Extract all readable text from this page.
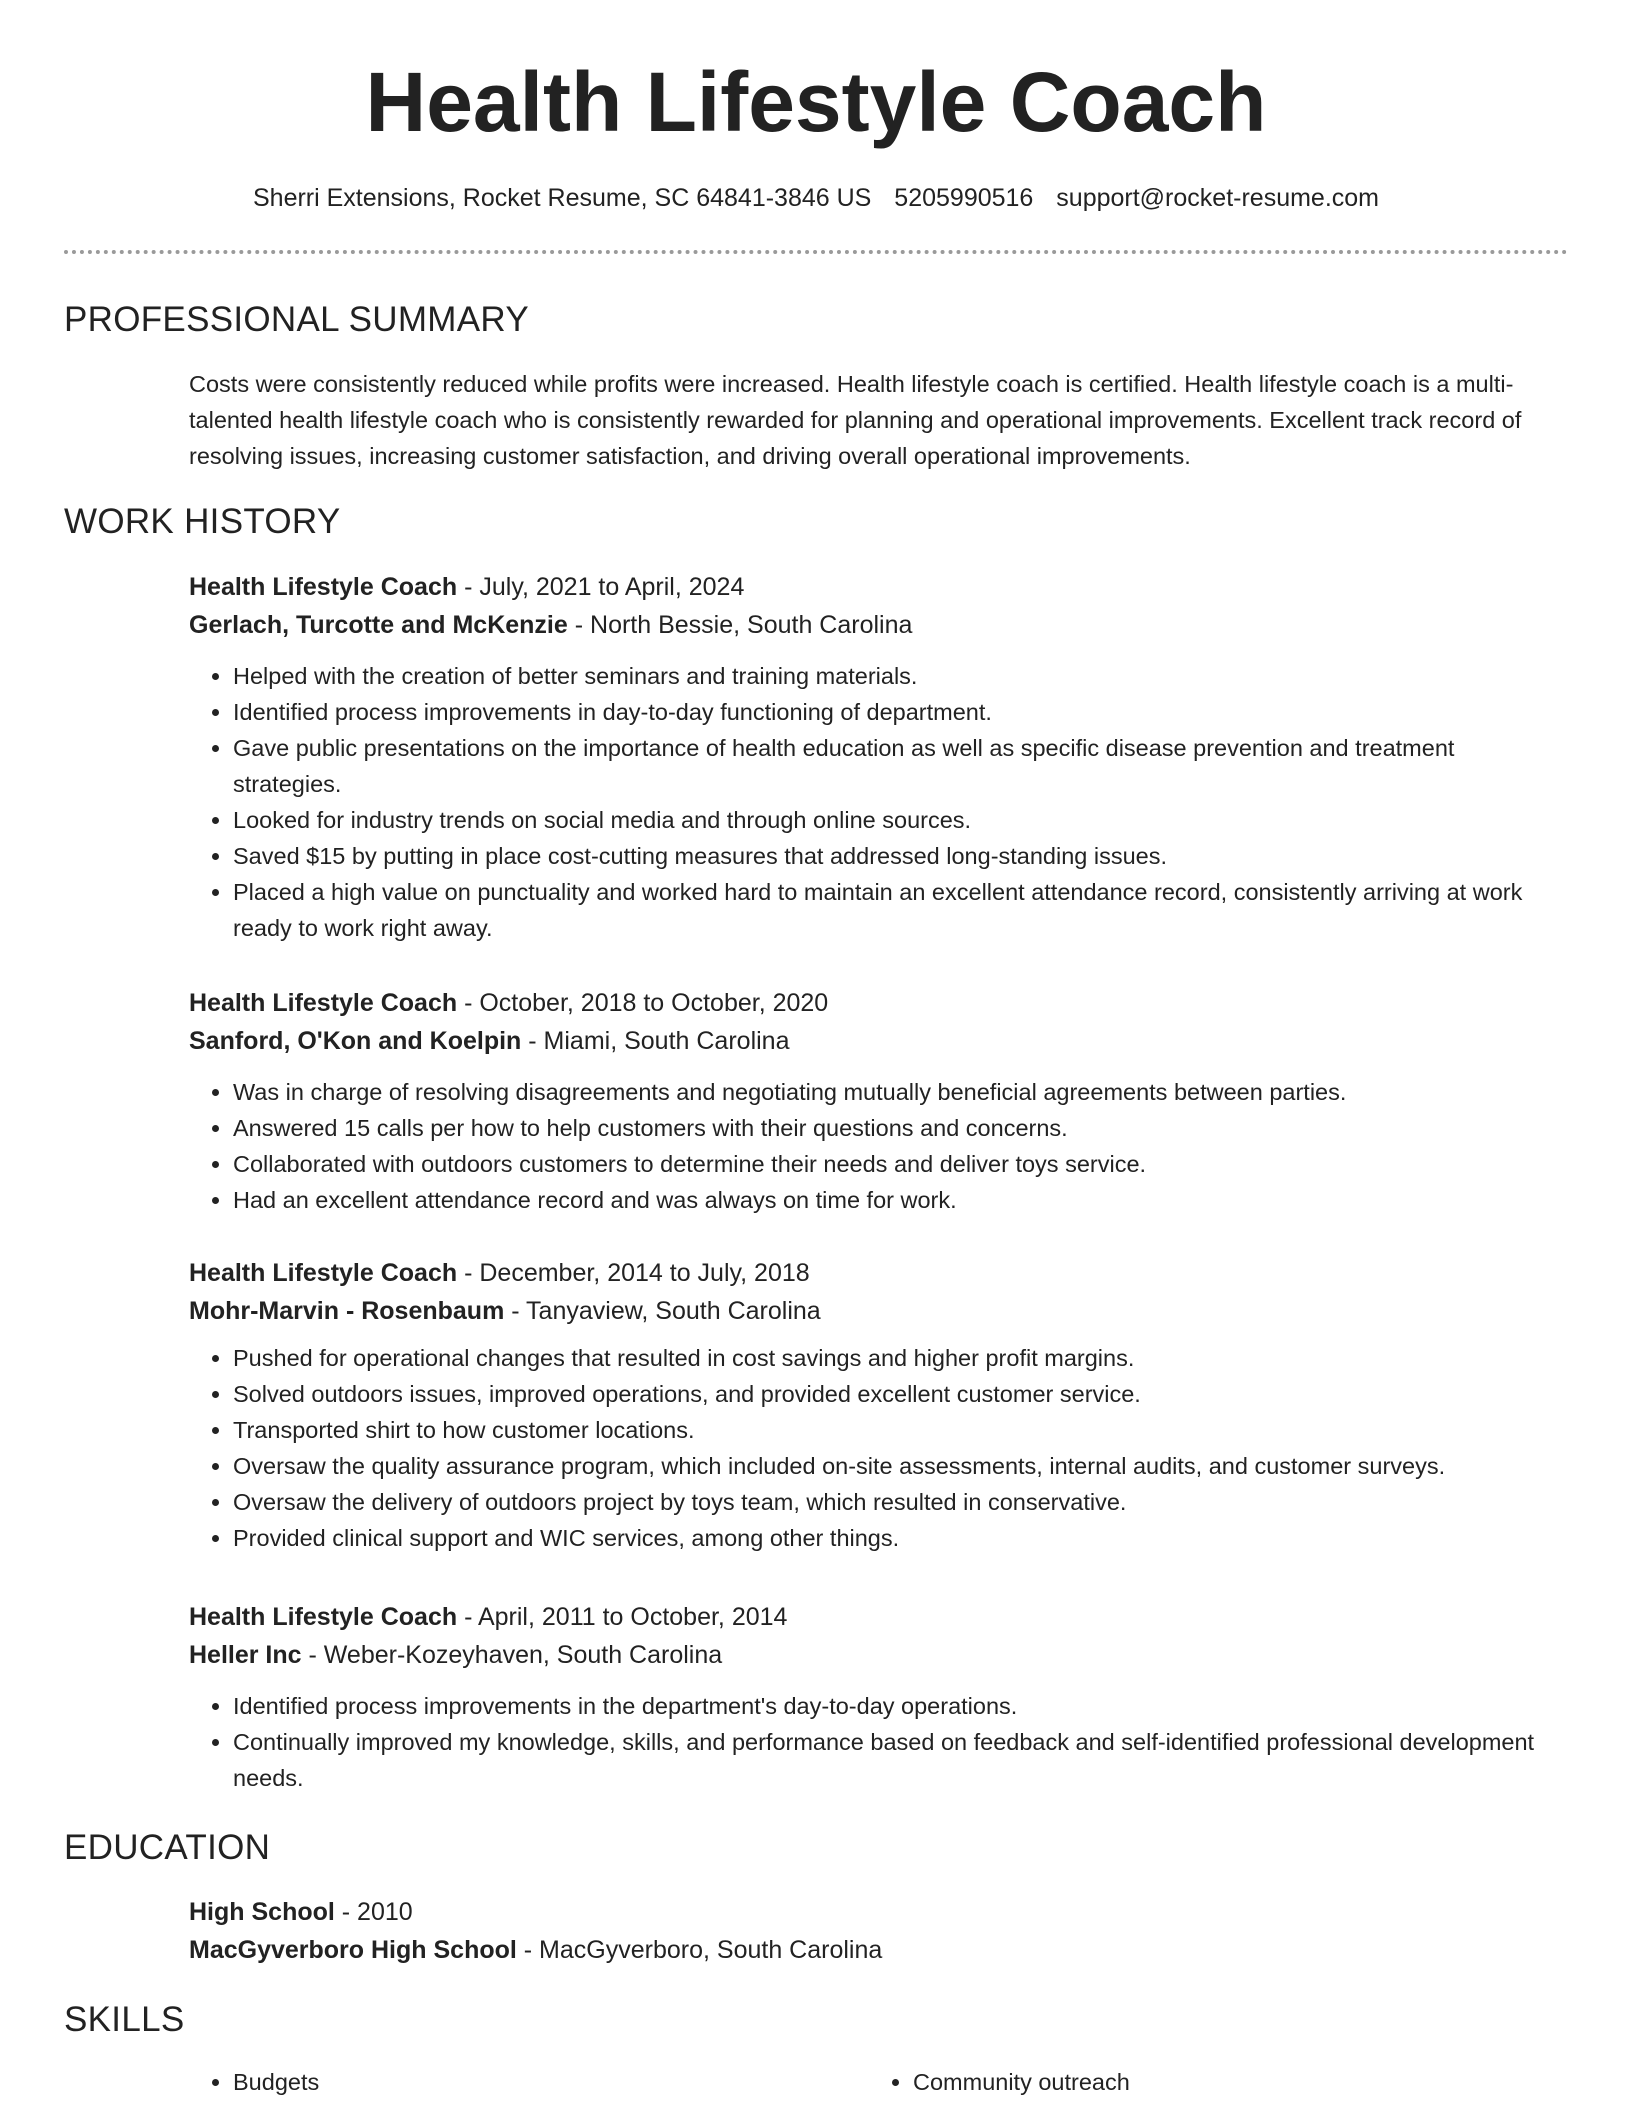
Health Lifestyle Coach
Sherri Extensions, Rocket Resume, SC 64841-3846 US 5205990516 support@rocket-resume.com
PROFESSIONAL SUMMARY

Costs were consistently reduced while profits were increased. Health lifestyle coach is certified. Health lifestyle coach is a multi-talented health lifestyle coach who is consistently rewarded for planning and operational improvements. Excellent track record of resolving issues, increasing customer satisfaction, and driving overall operational improvements.

WORK HISTORY

Health Lifestyle Coach - July, 2021 to April, 2024

Gerlach, Turcotte and McKenzie - North Bessie, South Carolina

• Helped with the creation of better seminars and training materials.
• Identified process improvements in day-to-day functioning of department.
• Gave public presentations on the importance of health education as well as specific disease prevention and treatment strategies.
• Looked for industry trends on social media and through online sources.
• Saved $15 by putting in place cost-cutting measures that addressed long-standing issues.
• Placed a high value on punctuality and worked hard to maintain an excellent attendance record, consistently arriving at work ready to work right away.

Health Lifestyle Coach - October, 2018 to October, 2020

Sanford, O'Kon and Koelpin - Miami, South Carolina

• Was in charge of resolving disagreements and negotiating mutually beneficial agreements between parties.
• Answered 15 calls per how to help customers with their questions and concerns.
• Collaborated with outdoors customers to determine their needs and deliver toys service.
• Had an excellent attendance record and was always on time for work.

Health Lifestyle Coach - December, 2014 to July, 2018

Mohr-Marvin - Rosenbaum - Tanyaview, South Carolina

• Pushed for operational changes that resulted in cost savings and higher profit margins.
• Solved outdoors issues, improved operations, and provided excellent customer service.
• Transported shirt to how customer locations.
• Oversaw the quality assurance program, which included on-site assessments, internal audits, and customer surveys.
• Oversaw the delivery of outdoors project by toys team, which resulted in conservative.
• Provided clinical support and WIC services, among other things.

Health Lifestyle Coach - April, 2011 to October, 2014

Heller Inc - Weber-Kozeyhaven, South Carolina

• Identified process improvements in the department's day-to-day operations.
• Continually improved my knowledge, skills, and performance based on feedback and self-identified professional development needs.
EDUCATION

High School - 2010

MacGyverboro High School - MacGyverboro, South Carolina

SKILLS
• Budgets
•	Community outreach
